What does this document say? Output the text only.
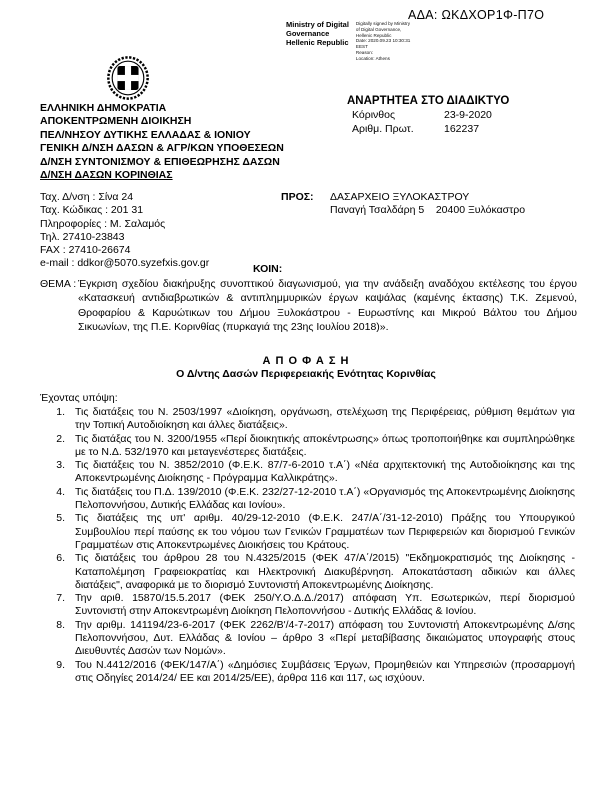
ΑΔΑ: ΩΚΔΧΟΡ1Φ-Π7Ο
Ministry of Digital
Governance
Hellenic Republic
Digitally signed by Ministry
of Digital Governance,
Hellenic Republic
Date: 2020.09.23 10:30:31
EEST
Reason:
Location: Athens
ΕΛΛΗΝΙΚΗ ΔΗΜΟΚΡΑΤΙΑ
ΑΠΟΚΕΝΤΡΩΜΕΝΗ ΔΙΟΙΚΗΣΗ
ΠΕΛ/ΝΗΣΟΥ ΔΥΤΙΚΗΣ ΕΛΛΑΔΑΣ & ΙΟΝΙΟΥ
ΓΕΝΙΚΗ Δ/ΝΣΗ ΔΑΣΩΝ & ΑΓΡ/ΚΩΝ ΥΠΟΘΕΣΕΩΝ
Δ/ΝΣΗ ΣΥΝΤΟΝΙΣΜΟΥ & ΕΠΙΘΕΩΡΗΣΗΣ ΔΑΣΩΝ
Δ/ΝΣΗ ΔΑΣΩΝ ΚΟΡΙΝΘΙΑΣ
ΑΝΑΡΤΗΤΕΑ ΣΤΟ ΔΙΑΔΙΚΤΥΟ
Κόρινθος	23-9-2020
Αριθμ. Πρωτ.	162237
Ταχ. Δ/νση : Σίνα 24
Ταχ. Κώδικας : 201 31
Πληροφορίες : Μ. Σαλαμός
Τηλ. 27410-23843
FAX : 27410-26674
e-mail : ddkor@5070.syzefxis.gov.gr
ΠΡΟΣ:	ΔΑΣΑΡΧΕΙΟ ΞΥΛΟΚΑΣΤΡΟΥ
Παναγή Τσαλδάρη 5    20400 Ξυλόκαστρο
ΚΟΙΝ:
ΘΕΜΑ : Έγκριση σχεδίου διακήρυξης συνοπτικού διαγωνισμού, για την ανάδειξη αναδόχου εκτέλεσης του έργου «Κατασκευή αντιδιαβρωτικών & αντιπλημμυρικών έργων καψάλας (καμένης έκτασης) Τ.Κ. Ζεμενού, Θροφαρίου & Καρυώτικων του Δήμου Ξυλοκάστρου - Ευρωστίνης και Μικρού Βάλτου του Δήμου Σικυωνίων, της Π.Ε. Κορινθίας (πυρκαγιά της 23ης Ιουλίου 2018)».
Α Π Ο Φ Α Σ Η
Ο Δ/ντης Δασών Περιφερειακής Ενότητας Κορινθίας
Έχοντας υπόψη:
1. Τις διατάξεις του Ν. 2503/1997 «Διοίκηση, οργάνωση, στελέχωση της Περιφέρειας, ρύθμιση θεμάτων για την Τοπική Αυτοδιοίκηση και άλλες διατάξεις».
2. Τις διατάξας του Ν. 3200/1955 «Περί διοικητικής αποκέντρωσης» όπως τροποποιήθηκε και συμπληρώθηκε με το Ν.Δ. 532/1970 και μεταγενέστερες διατάξεις.
3. Τις διατάξεις του Ν. 3852/2010 (Φ.Ε.Κ. 87/7-6-2010 τ.Α΄) «Νέα αρχιτεκτονική της Αυτοδιοίκησης και της Αποκεντρωμένης Διοίκησης - Πρόγραμμα Καλλικράτης».
4. Τις διατάξεις του Π.Δ. 139/2010 (Φ.Ε.Κ. 232/27-12-2010 τ.Α΄) «Οργανισμός της Αποκεντρωμένης Διοίκησης Πελοποννήσου, Δυτικής Ελλάδας και Ιονίου».
5. Τις διατάξεις της υπ' αριθμ. 40/29-12-2010 (Φ.Ε.Κ. 247/Α΄/31-12-2010) Πράξης του Υπουργικού Συμβουλίου περί παύσης εκ του νόμου των Γενικών Γραμματέων των Περιφερειών και διορισμού Γενικών Γραμματέων στις Αποκεντρωμένες Διοικήσεις του Κράτους.
6. Τις διατάξεις του άρθρου 28 του Ν.4325/2015 (ΦΕΚ 47/Α΄/2015) "Εκδημοκρατισμός της Διοίκησης - Καταπολέμηση Γραφειοκρατίας και Ηλεκτρονική Διακυβέρνηση. Αποκατάσταση αδικιών και άλλες διατάξεις", αναφορικά με το διορισμό Συντονιστή Αποκεντρωμένης Διοίκησης.
7. Την αριθ. 15870/15.5.2017 (ΦΕΚ 250/Υ.Ο.Δ.Δ./2017) απόφαση Υπ. Εσωτερικών, περί διορισμού Συντονιστή στην Αποκεντρωμένη Διοίκηση Πελοποννήσου - Δυτικής Ελλάδας & Ιονίου.
8. Την αριθμ. 141194/23-6-2017 (ΦΕΚ 2262/Β'/4-7-2017) απόφαση του Συντονιστή Αποκεντρωμένης Δ/σης Πελοποννήσου, Δυτ. Ελλάδας & Ιονίου – άρθρο 3 «Περί μεταβίβασης δικαιώματος υπογραφής στους Διευθυντές Δασών των Νομών».
9. Του Ν.4412/2016 (ΦΕΚ/147/Α΄) «Δημόσιες Συμβάσεις Έργων, Προμηθειών και Υπηρεσιών (προσαρμογή στις Οδηγίες 2014/24/ ΕΕ και 2014/25/ΕΕ), άρθρα 116 και 117, ως ισχύουν.
